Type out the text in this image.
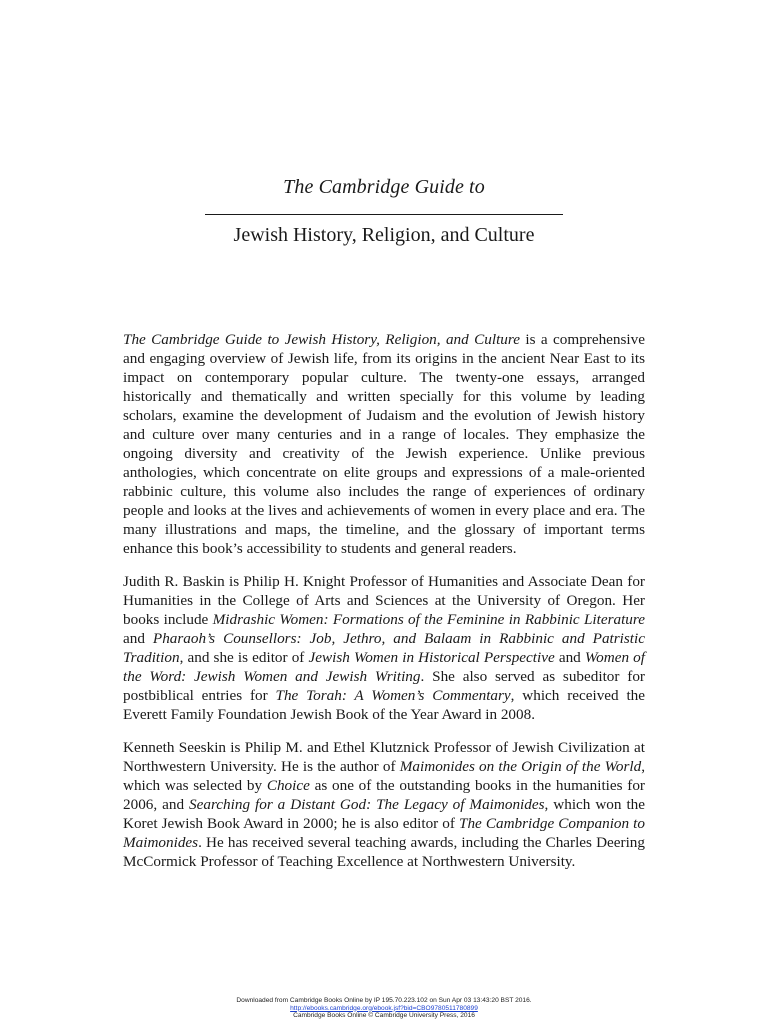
The Cambridge Guide to
Jewish History, Religion, and Culture

The Cambridge Guide to Jewish History, Religion, and Culture is a comprehensive and engaging overview of Jewish life, from its origins in the ancient Near East to its impact on contemporary popular culture. The twenty-one essays, arranged historically and thematically and written specially for this volume by leading scholars, examine the development of Judaism and the evolution of Jewish history and culture over many centuries and in a range of locales. They emphasize the ongoing diversity and creativity of the Jewish experience. Unlike previous anthologies, which concentrate on elite groups and expressions of a male-oriented rabbinic culture, this volume also includes the range of experiences of ordinary people and looks at the lives and achievements of women in every place and era. The many illustrations and maps, the timeline, and the glossary of important terms enhance this book’s accessibility to students and general readers.

Judith R. Baskin is Philip H. Knight Professor of Humanities and Associate Dean for Humanities in the College of Arts and Sciences at the University of Oregon. Her books include Midrashic Women: Formations of the Feminine in Rabbinic Literature and Pharaoh’s Counsellors: Job, Jethro, and Balaam in Rabbinic and Patristic Tradition, and she is editor of Jewish Women in Historical Perspective and Women of the Word: Jewish Women and Jewish Writing. She also served as subeditor for postbiblical entries for The Torah: A Women’s Commentary, which received the Everett Family Foundation Jewish Book of the Year Award in 2008.

Kenneth Seeskin is Philip M. and Ethel Klutznick Professor of Jewish Civilization at Northwestern University. He is the author of Maimonides on the Origin of the World, which was selected by Choice as one of the outstanding books in the humanities for 2006, and Searching for a Distant God: The Legacy of Maimonides, which won the Koret Jewish Book Award in 2000; he is also editor of The Cambridge Companion to Maimonides. He has received several teaching awards, including the Charles Deering McCormick Professor of Teaching Excellence at Northwestern University.

Downloaded from Cambridge Books Online by IP 195.70.223.102 on Sun Apr 03 13:43:20 BST 2016.
http://ebooks.cambridge.org/ebook.jsf?bid=CBO9780511780899
Cambridge Books Online © Cambridge University Press, 2016
